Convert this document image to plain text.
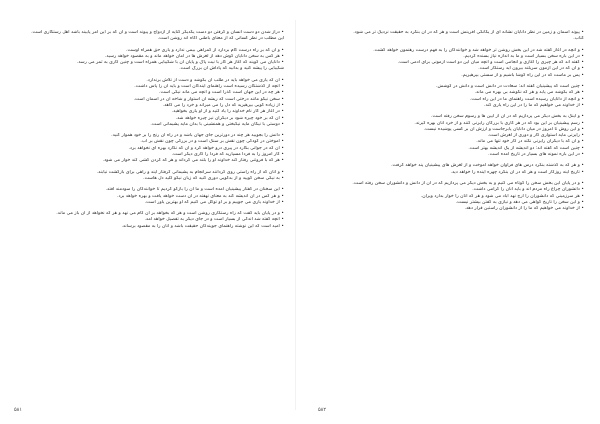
• دراز شدن دو دست انسان و گرفتن دو دست یکدیگر کنایه از ازدواج و پیوند است و آن که بر این امر پایبند باشد اهل رستگاری است.
این مطلب در نظر کسانی که از معنای باطنی آگاه اند روشن است.
• و آن که بر راه درست گام بردارد از گمراهی بیمی ندارد و یاری حق همراه اوست.
• هر کس به سخن دانایان گوش دهد از لغزش ها در امان خواهد ماند و به مقصود خواهد رسید.
• دانایان می گویند که آغاز هر کار با نیت پاک و پایان آن با شکیبایی همراه است و چنین کاری به ثمر می رسد.
شکیبایی را پیشه کنید و بدانید که پاداش آن بزرگ است.
• آن که یاری می خواهد باید در طلب آن بکوشد و دست از تلاش برندارد.
• آنچه از گذشتگان رسیده است راهنمای آیندگان است و باید آن را پاس داشت.
• هر چه در این جهان است گذرا است و آنچه می ماند نیکی است.
• سخن نیکو مانند درختی است که ریشه آن استوار و شاخه آن در آسمان است.
• از زیاده گویی بپرهیزید که دل را می میراند و خرد را می کاهد.
• در آغاز هر کار نام خداوند را یاد کنید و از او یاری بخواهید.
• آن که بر خود چیره شود بر دیگران نیز چیره خواهد شد.
• دوستی با نیکان مایه نیکبختی و همنشینی با بدان مایه پشیمانی است.
• دانش را بجویید هر چند در دورترین جای جهان باشد و در راه آن رنج را بر خود هموار کنید.
• آموختن در کودکی چون نقش بر سنگ است و در بزرگی چون نقش بر آب.
• آن که در جوانی بکارد در پیری درو خواهد کرد و آن که نکارد بهره ای نخواهد برد.
• کار امروز را به فردا مسپارید که فردا را کاری دیگر است.
• هر که با فروتنی رفتار کند خداوند او را بلند می گرداند و هر که گردن کشی کند خوار می شود.
• و آنان که از راه راستی روی گردانند سرانجام به پشیمانی گرفتار آیند و راهی برای بازگشت نیابند.
• به نیکی سخن گویید و از بدگویی دوری کنید که زبان نیکو کلید دل هاست.
• این سخنان در گفتار پیشینیان آمده است و ما آن را بازگو کردیم تا خوانندگان را سودمند افتد.
• و هر کس در آن اندیشه کند به معنای نهفته در آن دست خواهد یافت و بهره خواهد برد.
• از خداوند یاری می جوییم و بر او توکل می کنیم که او بهترین یاور است.
• و در پایان باید گفت که راه رستگاری روشن است و هر که بخواهد بر آن گام می نهد و هر که نخواهد از آن باز می ماند.
• آنچه گفته شد اندکی از بسیار است و در جای دیگر به تفصیل خواهد آمد.
• امید است که این نوشته راهنمای جویندگان حقیقت باشد و آنان را به مقصود برساند.
• پیوند آسمان و زمین در نظر دانایان نشانه ای از یگانگی آفرینش است و هر که در آن بنگرد به حقیقت نزدیک تر می شود.
کتاب.
• و آنچه در آغاز گفته شد در این بخش روشن تر خواهد شد و خوانندگان را به فهم درست رهنمون خواهد گشت.
• در این باره سخن بسیار است و ما به اندازه نیاز بسنده کردیم.
• گفته اند که هر چیزی را آغازی و انجامی است و آنچه میان این دو است آزمونی برای آدمی است.
• و آن که در این آزمون سربلند بیرون آید رستگار است.
• پس بر ماست که در این راه کوشا باشیم و از سستی بپرهیزیم.
• چنین است که پیشینیان گفته اند: سعادت در دانش است و دانش در کوشش.
• هر که بکوشد می یابد و هر که نکوشد بی بهره می ماند.
• و آنچه از دانایان رسیده است راهنمای ما در این راه است.
• از خداوند می خواهیم که ما را در این راه یاری کند.
• و اینک به بخش دیگر می پردازیم که در آن از آیین ها و رسوم سخن رفته است.
• رسم پیشینیان بر این بود که در هر کاری با بزرگان رایزنی کنند و از خرد آنان بهره گیرند.
• و این روش تا امروز در میان دانایان پابرجاست و ارزش آن بر کسی پوشیده نیست.
• رایزنی مایه استواری کار و دوری از لغزش است.
• و آن که با دیگران رایزنی نکند در کار خود تنها می ماند.
• چنین است که گفته اند: دو اندیشه از یک اندیشه بهتر است.
• در این باره نمونه های بسیار در تاریخ آمده است.
• و هر که به گذشته بنگرد درس های فراوان خواهد آموخت و از لغزش های پیشینیان پند خواهد گرفت.
• تاریخ آینه روزگار است و هر که در آن بنگرد چهره آینده را خواهد دید.
• و در پایان این بخش سخن را کوتاه می کنیم و به بخش دیگر می پردازیم که در آن از دانش و دانشوران سخن رفته است.
• دانشوران چراغ راه مردم اند و باید آنان را گرامی داشت.
• هر سرزمینی که دانشوران را ارج نهد آباد می شود و هر که آنان را خوار بدارد ویران.
• و این سخن را تاریخ گواهی می دهد و نیازی به گفتن بیشتر نیست.
• از خداوند می خواهیم که ما را از دانشوران راستین قرار دهد.
۵۸۱	۵۸۲
